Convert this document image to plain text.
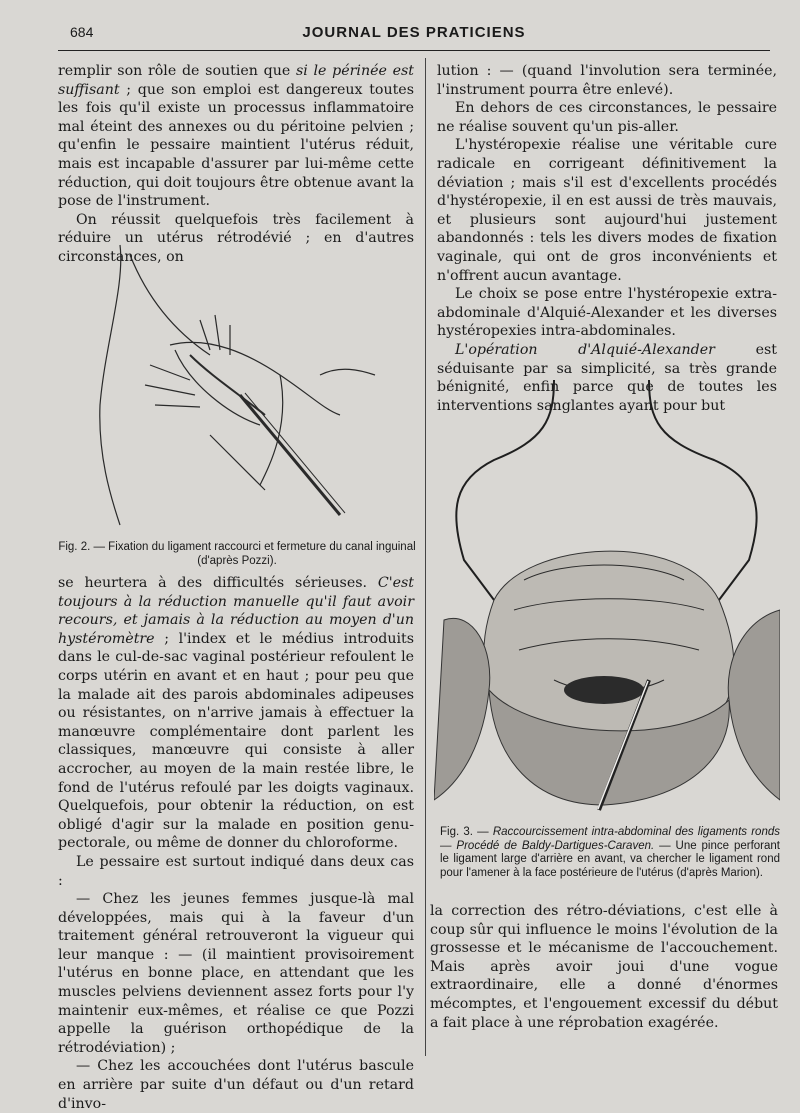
684	JOURNAL DES PRATICIENS

remplir son rôle de soutien que si le périnée est suffisant ; que son emploi est dangereux toutes les fois qu'il existe un processus inflammatoire mal éteint des annexes ou du péritoine pelvien ; qu'enfin le pessaire maintient l'utérus réduit, mais est incapable d'assurer par lui-même cette réduction, qui doit toujours être obtenue avant la pose de l'instrument.

On réussit quelquefois très facilement à réduire un utérus rétrodévié ; en d'autres circonstances, on

Fig. 2. — Fixation du ligament raccourci et fermeture du canal inguinal (d'après Pozzi).

se heurtera à des difficultés sérieuses. C'est toujours à la réduction manuelle qu'il faut avoir recours, et jamais à la réduction au moyen d'un hystéromètre ; l'index et le médius introduits dans le cul-de-sac vaginal postérieur refoulent le corps utérin en avant et en haut ; pour peu que la malade ait des parois abdominales adipeuses ou résistantes, on n'arrive jamais à effectuer la manœuvre complémentaire dont parlent les classiques, manœuvre qui consiste à aller accrocher, au moyen de la main restée libre, le fond de l'utérus refoulé par les doigts vaginaux. Quelquefois, pour obtenir la réduction, on est obligé d'agir sur la malade en position genu-pectorale, ou même de donner du chloroforme.

Le pessaire est surtout indiqué dans deux cas :

— Chez les jeunes femmes jusque-là mal développées, mais qui à la faveur d'un traitement général retrouveront la vigueur qui leur manque : — (il maintient provisoirement l'utérus en bonne place, en attendant que les muscles pelviens deviennent assez forts pour l'y maintenir eux-mêmes, et réalise ce que Pozzi appelle la guérison orthopédique de la rétrodéviation) ;

— Chez les accouchées dont l'utérus bascule en arrière par suite d'un défaut ou d'un retard d'invo-

lution : — (quand l'involution sera terminée, l'instrument pourra être enlevé).

En dehors de ces circonstances, le pessaire ne réalise souvent qu'un pis-aller.

L'hystéropexie réalise une véritable cure radicale en corrigeant définitivement la déviation ; mais s'il est d'excellents procédés d'hystéropexie, il en est aussi de très mauvais, et plusieurs sont aujourd'hui justement abandonnés : tels les divers modes de fixation vaginale, qui ont de gros inconvénients et n'offrent aucun avantage.

Le choix se pose entre l'hystéropexie extra-abdominale d'Alquié-Alexander et les diverses hystéropexies intra-abdominales.

L'opération d'Alquié-Alexander est séduisante par sa simplicité, sa très grande bénignité, enfin parce que de toutes les interventions sanglantes ayant pour but

Fig. 3. — Raccourcissement intra-abdominal des ligaments ronds — Procédé de Baldy-Dartigues-Caraven. — Une pince perforant le ligament large d'arrière en avant, va chercher le ligament rond pour l'amener à la face postérieure de l'utérus (d'après Marion).

la correction des rétro-déviations, c'est elle à coup sûr qui influence le moins l'évolution de la grossesse et le mécanisme de l'accouchement. Mais après avoir joui d'une vogue extraordinaire, elle a donné d'énormes mécomptes, et l'engouement excessif du début a fait place à une réprobation exagérée.
